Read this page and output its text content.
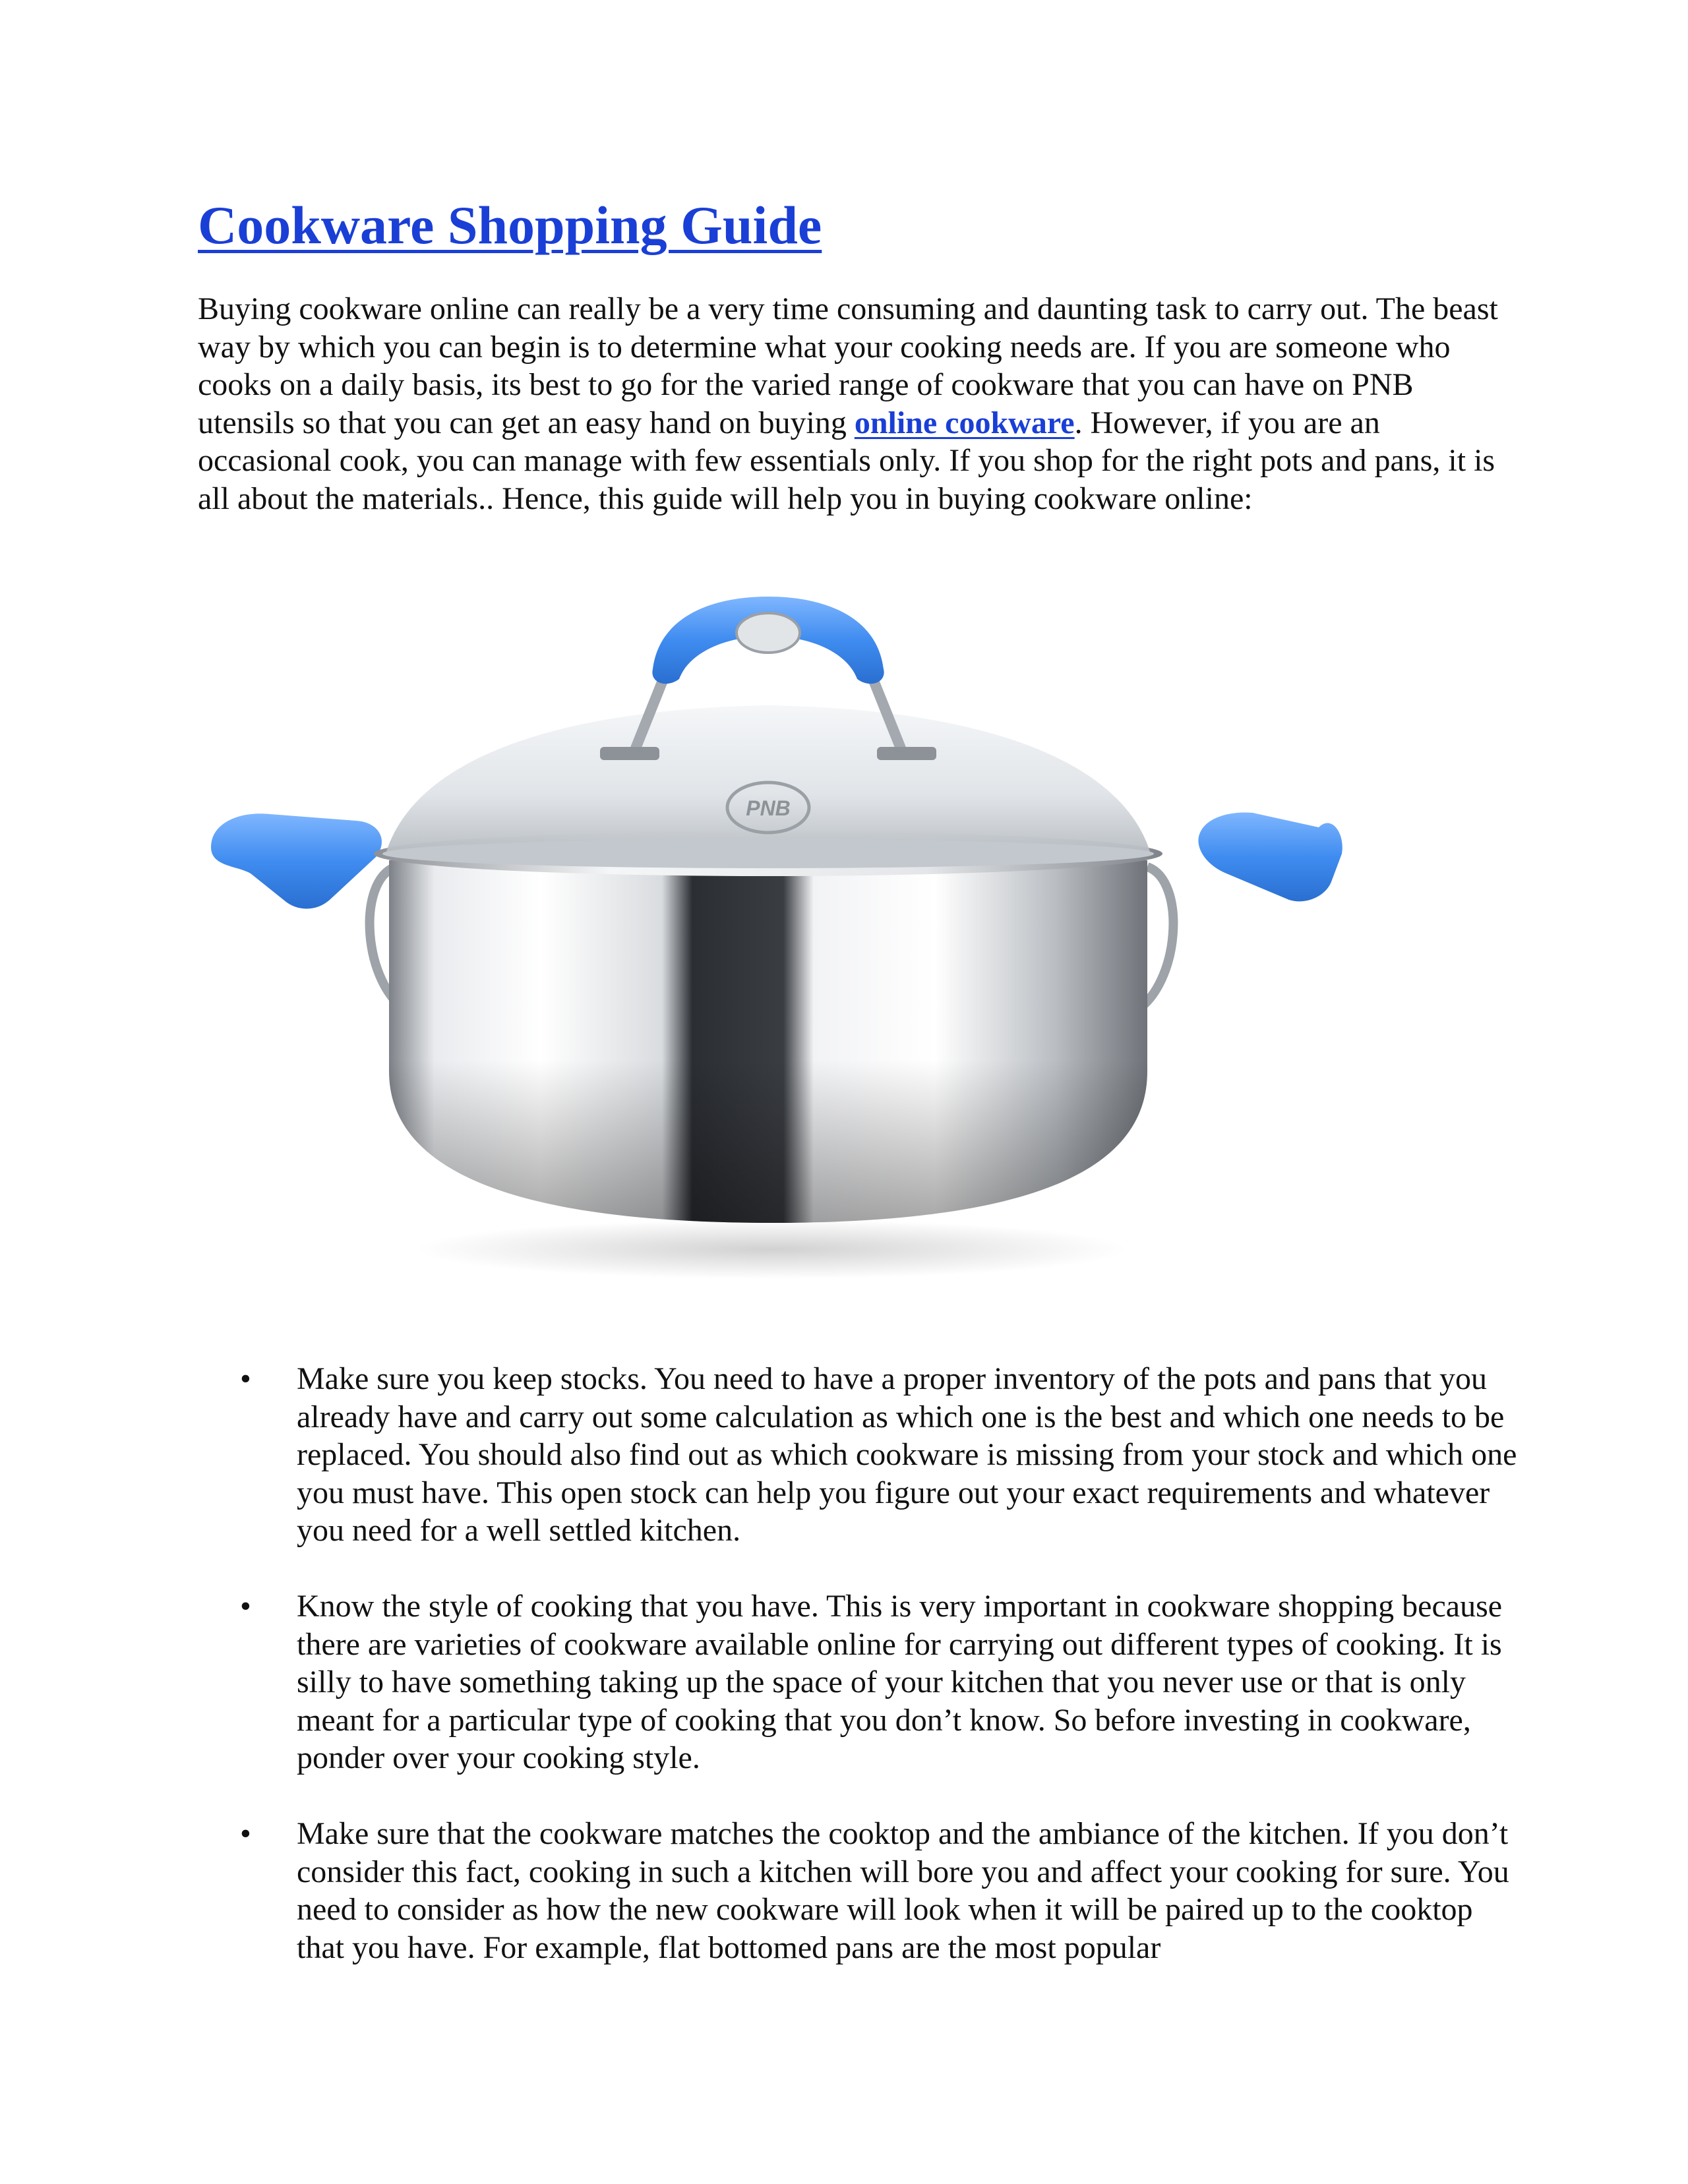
Cookware Shopping Guide

Buying cookware online can really be a very time consuming and daunting task to carry out. The beast way by which you can begin is to determine what your cooking needs are. If you are someone who cooks on a daily basis, its best to go for the varied range of cookware that you can have on PNB utensils so that you can get an easy hand on buying online cookware. However, if you are an occasional cook, you can manage with few essentials only. If you shop for the right pots and pans, it is all about the materials.. Hence, this guide will help you in buying cookware online:

PNB
• Make sure you keep stocks. You need to have a proper inventory of the pots and pans that you already have and carry out some calculation as which one is the best and which one needs to be replaced. You should also find out as which cookware is missing from your stock and which one you must have. This open stock can help you figure out your exact requirements and whatever you need for a well settled kitchen.
• Know the style of cooking that you have. This is very important in cookware shopping because there are varieties of cookware available online for carrying out different types of cooking. It is silly to have something taking up the space of your kitchen that you never use or that is only meant for a particular type of cooking that you don’t know. So before investing in cookware, ponder over your cooking style.
• Make sure that the cookware matches the cooktop and the ambiance of the kitchen. If you don’t consider this fact, cooking in such a kitchen will bore you and affect your cooking for sure. You need to consider as how the new cookware will look when it will be paired up to the cooktop that you have. For example, flat bottomed pans are the most popular
